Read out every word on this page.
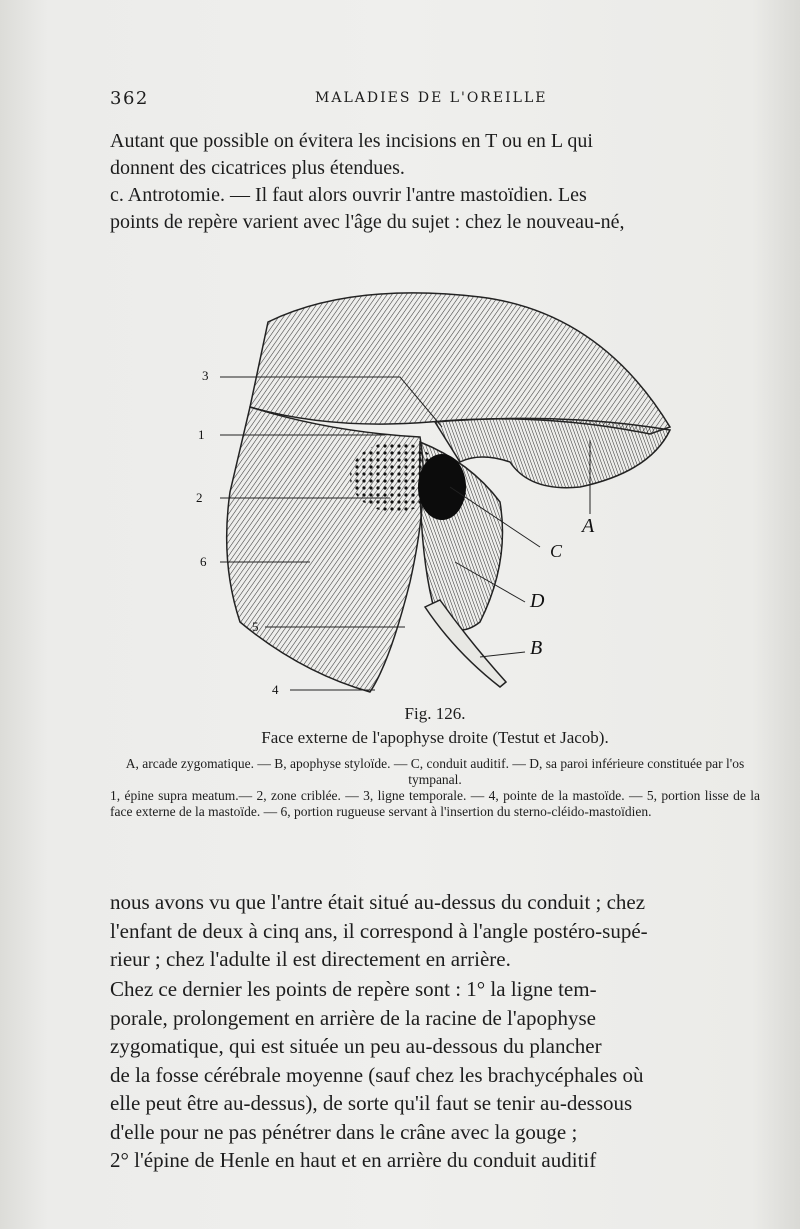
362	MALADIES DE L'OREILLE
Autant que possible on évitera les incisions en T ou en L qui
donnent des cicatrices plus étendues.
c. Antrotomie. — Il faut alors ouvrir l'antre mastoïdien. Les
points de repère varient avec l'âge du sujet : chez le nouveau-né,
3
1
2
6
5
4
A
C
D
B
Fig. 126.
Face externe de l'apophyse droite (Testut et Jacob).
A, arcade zygomatique. — B, apophyse styloïde. — C, conduit auditif. — D, sa paroi inférieure constituée par l'os tympanal.
1, épine supra meatum.— 2, zone criblée. — 3, ligne temporale. — 4, pointe de la mastoïde. — 5, portion lisse de la face externe de la mastoïde. — 6, portion rugueuse servant à l'insertion du sterno-cléido-mastoïdien.
nous avons vu que l'antre était situé au-dessus du conduit ; chez
l'enfant de deux à cinq ans, il correspond à l'angle postéro-supé-
rieur ; chez l'adulte il est directement en arrière.
Chez ce dernier les points de repère sont : 1° la ligne tem-
porale, prolongement en arrière de la racine de l'apophyse
zygomatique, qui est située un peu au-dessous du plancher
de la fosse cérébrale moyenne (sauf chez les brachycéphales où
elle peut être au-dessus), de sorte qu'il faut se tenir au-dessous
d'elle pour ne pas pénétrer dans le crâne avec la gouge ;
2° l'épine de Henle en haut et en arrière du conduit auditif
